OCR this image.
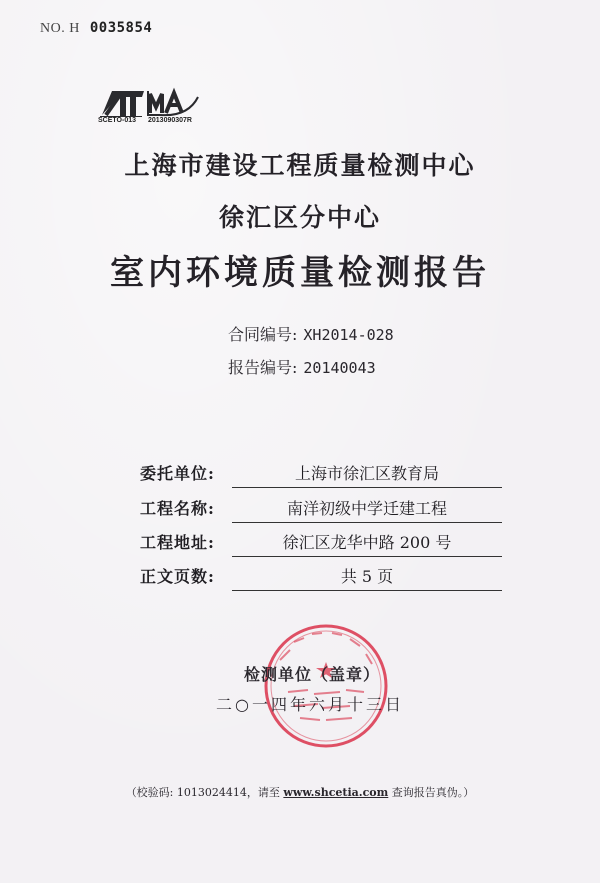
NO. H 0035854
SCETO-013 2013090307R
上海市建设工程质量检测中心
徐汇区分中心
室内环境质量检测报告
合同编号: XH2014-028
报告编号: 20140043
委托单位:	上海市徐汇区教育局
工程名称:	南洋初级中学迁建工程
工程地址:	徐汇区龙华中路 200 号
正文页数:	共 5 页
检测单位（盖章）
二○一四年六月十三日
（校验码: 1013024414，请至 www.shcetia.com 查询报告真伪。）
